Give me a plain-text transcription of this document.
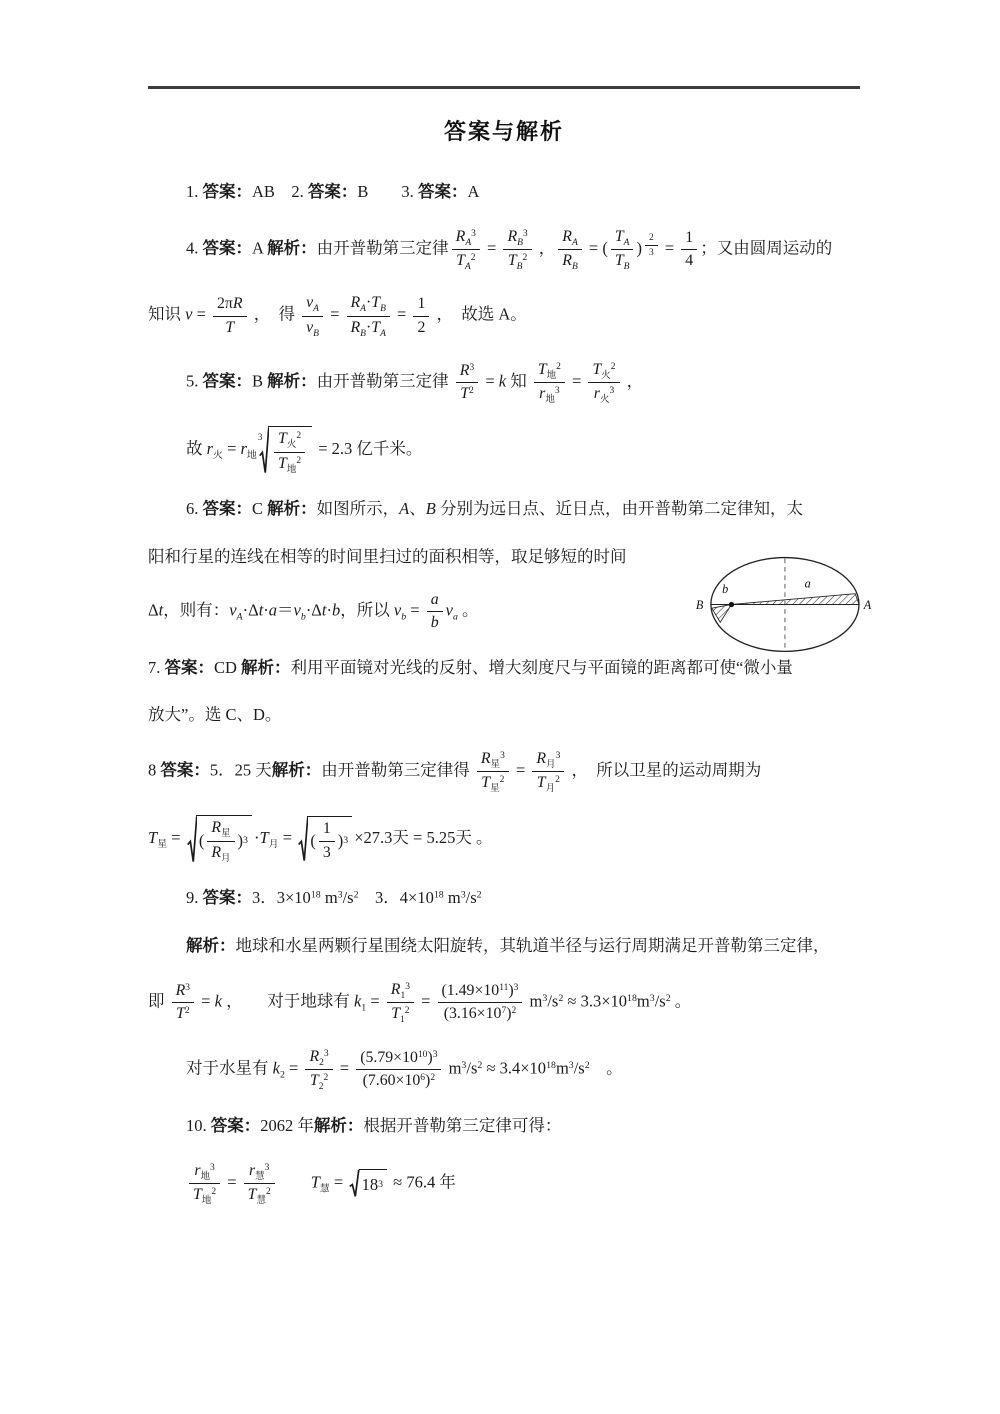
答案与解析
1. 答案：AB　2. 答案：B　　3. 答案：A
4. 答案：A 解析：由开普勒第三定律 $\frac{R_A^3}{T_A^2} = \frac{R_B^3}{T_B^2}$ ， $\frac{R_A}{R_B}$ = ( $\frac{T_A}{T_B}$ ) $^{\frac{2}{3}} = \frac{1}{4}$ ；又由圆周运动的
知识 $v = \frac{2\pi R}{T}$ ，　得 $\frac{v_A}{v_B} = \frac{R_A\cdot T_B}{R_B\cdot T_A} = \frac{1}{2}$ ，　故选 A。
5. 答案：B 解析：由开普勒第三定律 $\frac{R^3}{T^2} = k$ 知 $\frac{T_地^2}{r_地^3} = \frac{T_火^2}{r_火^3}$ ，
故 $r_火 = r_地$
$3 \frac{T_火^2}{T_地^2} = 2.3$ 亿千米。
a
b
B	A
6. 答案：C 解析：如图所示，A、B 分别为远日点、近日点，由开普勒第二定律知，太
阳和行星的连线在相等的时间里扫过的面积相等，取足够短的时间
Δt，则有：$v_A\cdot\Delta t\cdot a=v_b\cdot\Delta t\cdot b$，所以 $v_b = \frac{a}{b} v_a$ 。
7. 答案：CD 解析：利用平面镜对光线的反射、增大刻度尺与平面镜的距离都可使“微小量
放大”。选 C、D。
8 答案：5．25 天解析：由开普勒第三定律得 $\frac{R_星^3}{T_星^2} = \frac{R_月^3}{T_月^2}$ ，　所以卫星的运动周期为
$T_星$ = ( $\frac{R_星}{R_月}$ ) $3 \cdot T_月$ = ( $\frac{1}{3}$ ) 3 ×27.3天 = 5.25天 。
9. 答案：3．$3\times 10^{18}$ $m^3/s^2$　3．$4\times 10^{18}$ $m^3/s^2$
解析：地球和水星两颗行星围绕太阳旋转，其轨道半径与运行周期满足开普勒第三定律，
即 $\frac{R^3}{T^2} = k$ ，　　对于地球有 $k_1 = \frac{R_1^3}{T_1^2} = \frac{(1.49\times 10^{11})^3}{(3.16\times 10^7)^2} m^3/s^2 \approx 3.3\times 10^{18}m^3/s^2$ 。
对于水星有 $k_2 = \frac{R_2^3}{T_2^2} = \frac{(5.79\times 10^{10})^3}{(7.60\times 10^6)^2} m^3/s^2 \approx 3.4\times 10^{18}m^3/s^2$　。
10. 答案：2062 年解析：根据开普勒第三定律可得：
$\frac{r_地^3}{T_地^2} = \frac{r_慧^3}{T_慧^2}$
　　 $T_慧 = 18$ 3 ≈ 76.4 年
